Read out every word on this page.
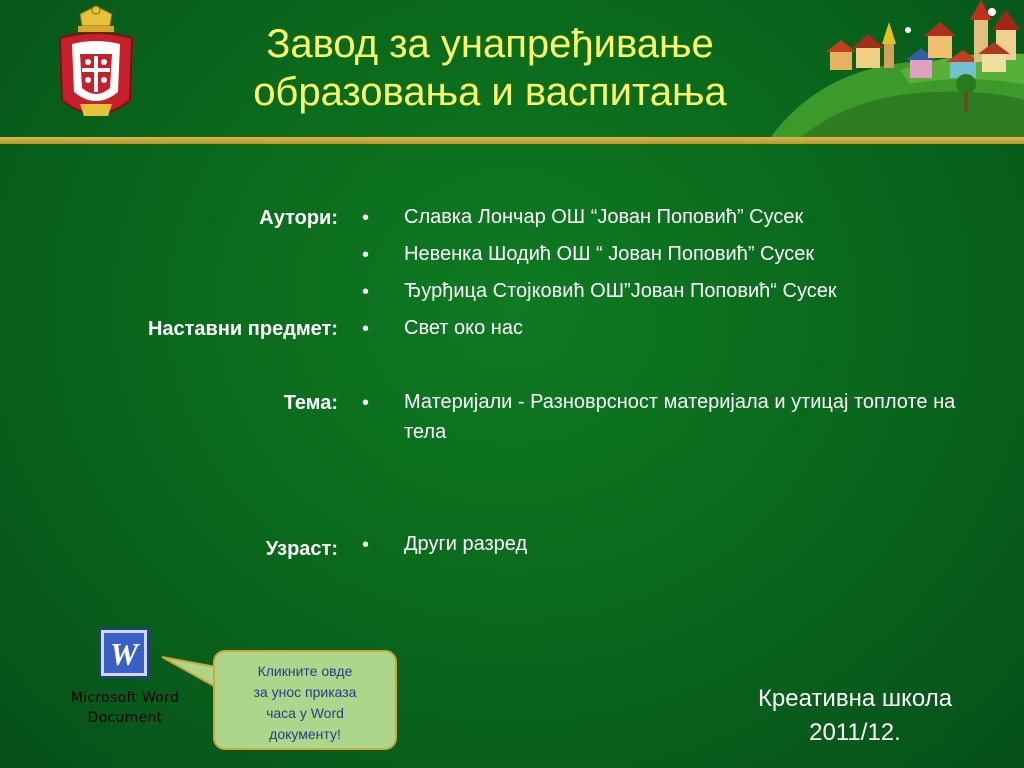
Завод за унапређивање
образовања и васпитања
Аутори: • Славка Лончар ОШ “Јован Поповић” Сусек
• Невенка Шодић ОШ “ Јован Поповић” Сусек
• Ђурђица Стојковић ОШ”Јован Поповић“ Сусек
Наставни предмет: • Свет око нас
Тема: • Материјали - Разноврсност материјала и утицај топлоте на тела
Узраст: • Други разред
W
Microsoft Word
Document
Кликните овде
за унос приказа
часа у Word
документу!
Креативна школа
2011/12.
